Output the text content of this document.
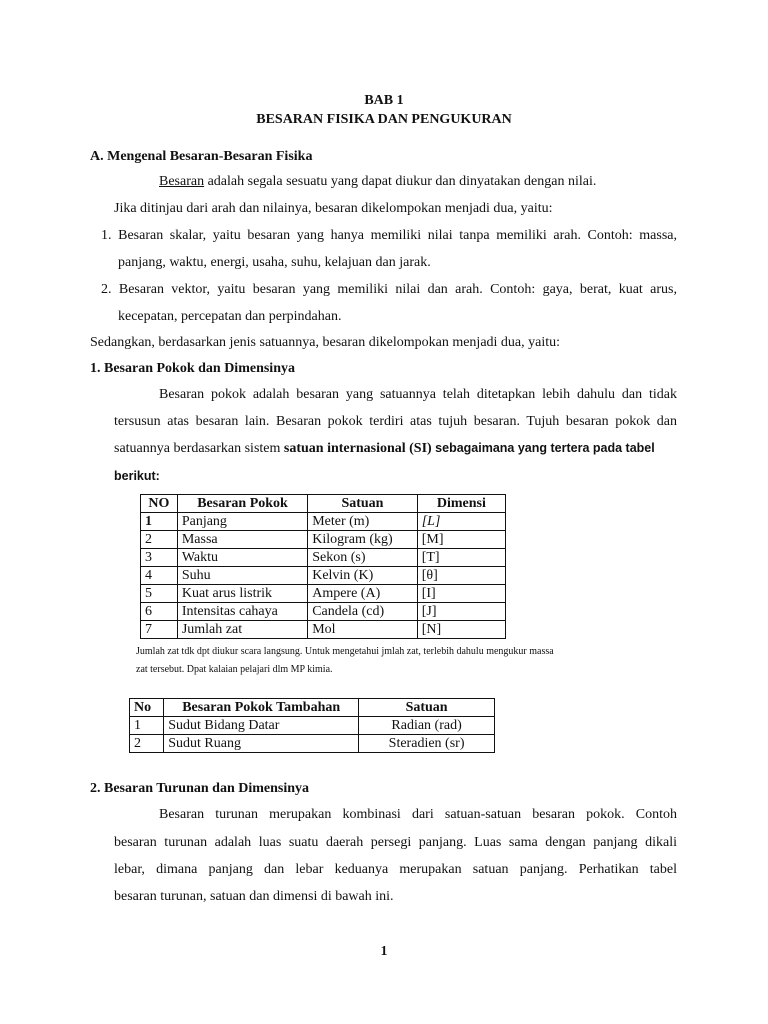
BAB 1
BESARAN FISIKA DAN PENGUKURAN
A. Mengenal Besaran-Besaran Fisika
Besaran adalah segala sesuatu yang dapat diukur dan dinyatakan dengan nilai.
Jika ditinjau dari arah dan nilainya, besaran dikelompokan menjadi dua, yaitu:
1. Besaran skalar, yaitu besaran yang hanya memiliki nilai tanpa memiliki arah. Contoh: massa,
panjang, waktu, energi, usaha, suhu, kelajuan dan jarak.
2. Besaran vektor, yaitu besaran yang memiliki nilai dan arah. Contoh: gaya, berat, kuat arus,
kecepatan, percepatan dan perpindahan.
Sedangkan, berdasarkan jenis satuannya, besaran dikelompokan menjadi dua, yaitu:
1. Besaran Pokok dan Dimensinya
Besaran pokok adalah besaran yang satuannya telah ditetapkan lebih dahulu dan tidak
tersusun atas besaran lain. Besaran pokok terdiri atas tujuh besaran. Tujuh besaran pokok dan
satuannya berdasarkan sistem satuan internasional (SI) sebagaimana yang tertera pada tabel
berikut:
NO	Besaran Pokok	Satuan	Dimensi
1	Panjang	Meter (m)	[L]
2	Massa	Kilogram (kg)	[M]
3	Waktu	Sekon (s)	[T]
4	Suhu	Kelvin (K)	[θ]
5	Kuat arus listrik	Ampere (A)	[I]
6	Intensitas cahaya	Candela (cd)	[J]
7	Jumlah zat	Mol	[N]
Jumlah zat tdk dpt diukur scara langsung. Untuk mengetahui jmlah zat, terlebih dahulu mengukur massa
zat tersebut. Dpat kalaian pelajari dlm MP kimia.
No	Besaran Pokok Tambahan	Satuan
1	Sudut Bidang Datar	Radian (rad)
2	Sudut Ruang	Steradien (sr)
2. Besaran Turunan dan Dimensinya
Besaran turunan merupakan kombinasi dari satuan-satuan besaran pokok. Contoh
besaran turunan adalah luas suatu daerah persegi panjang. Luas sama dengan panjang dikali
lebar, dimana panjang dan lebar keduanya merupakan satuan panjang. Perhatikan tabel
besaran turunan, satuan dan dimensi di bawah ini.
1
